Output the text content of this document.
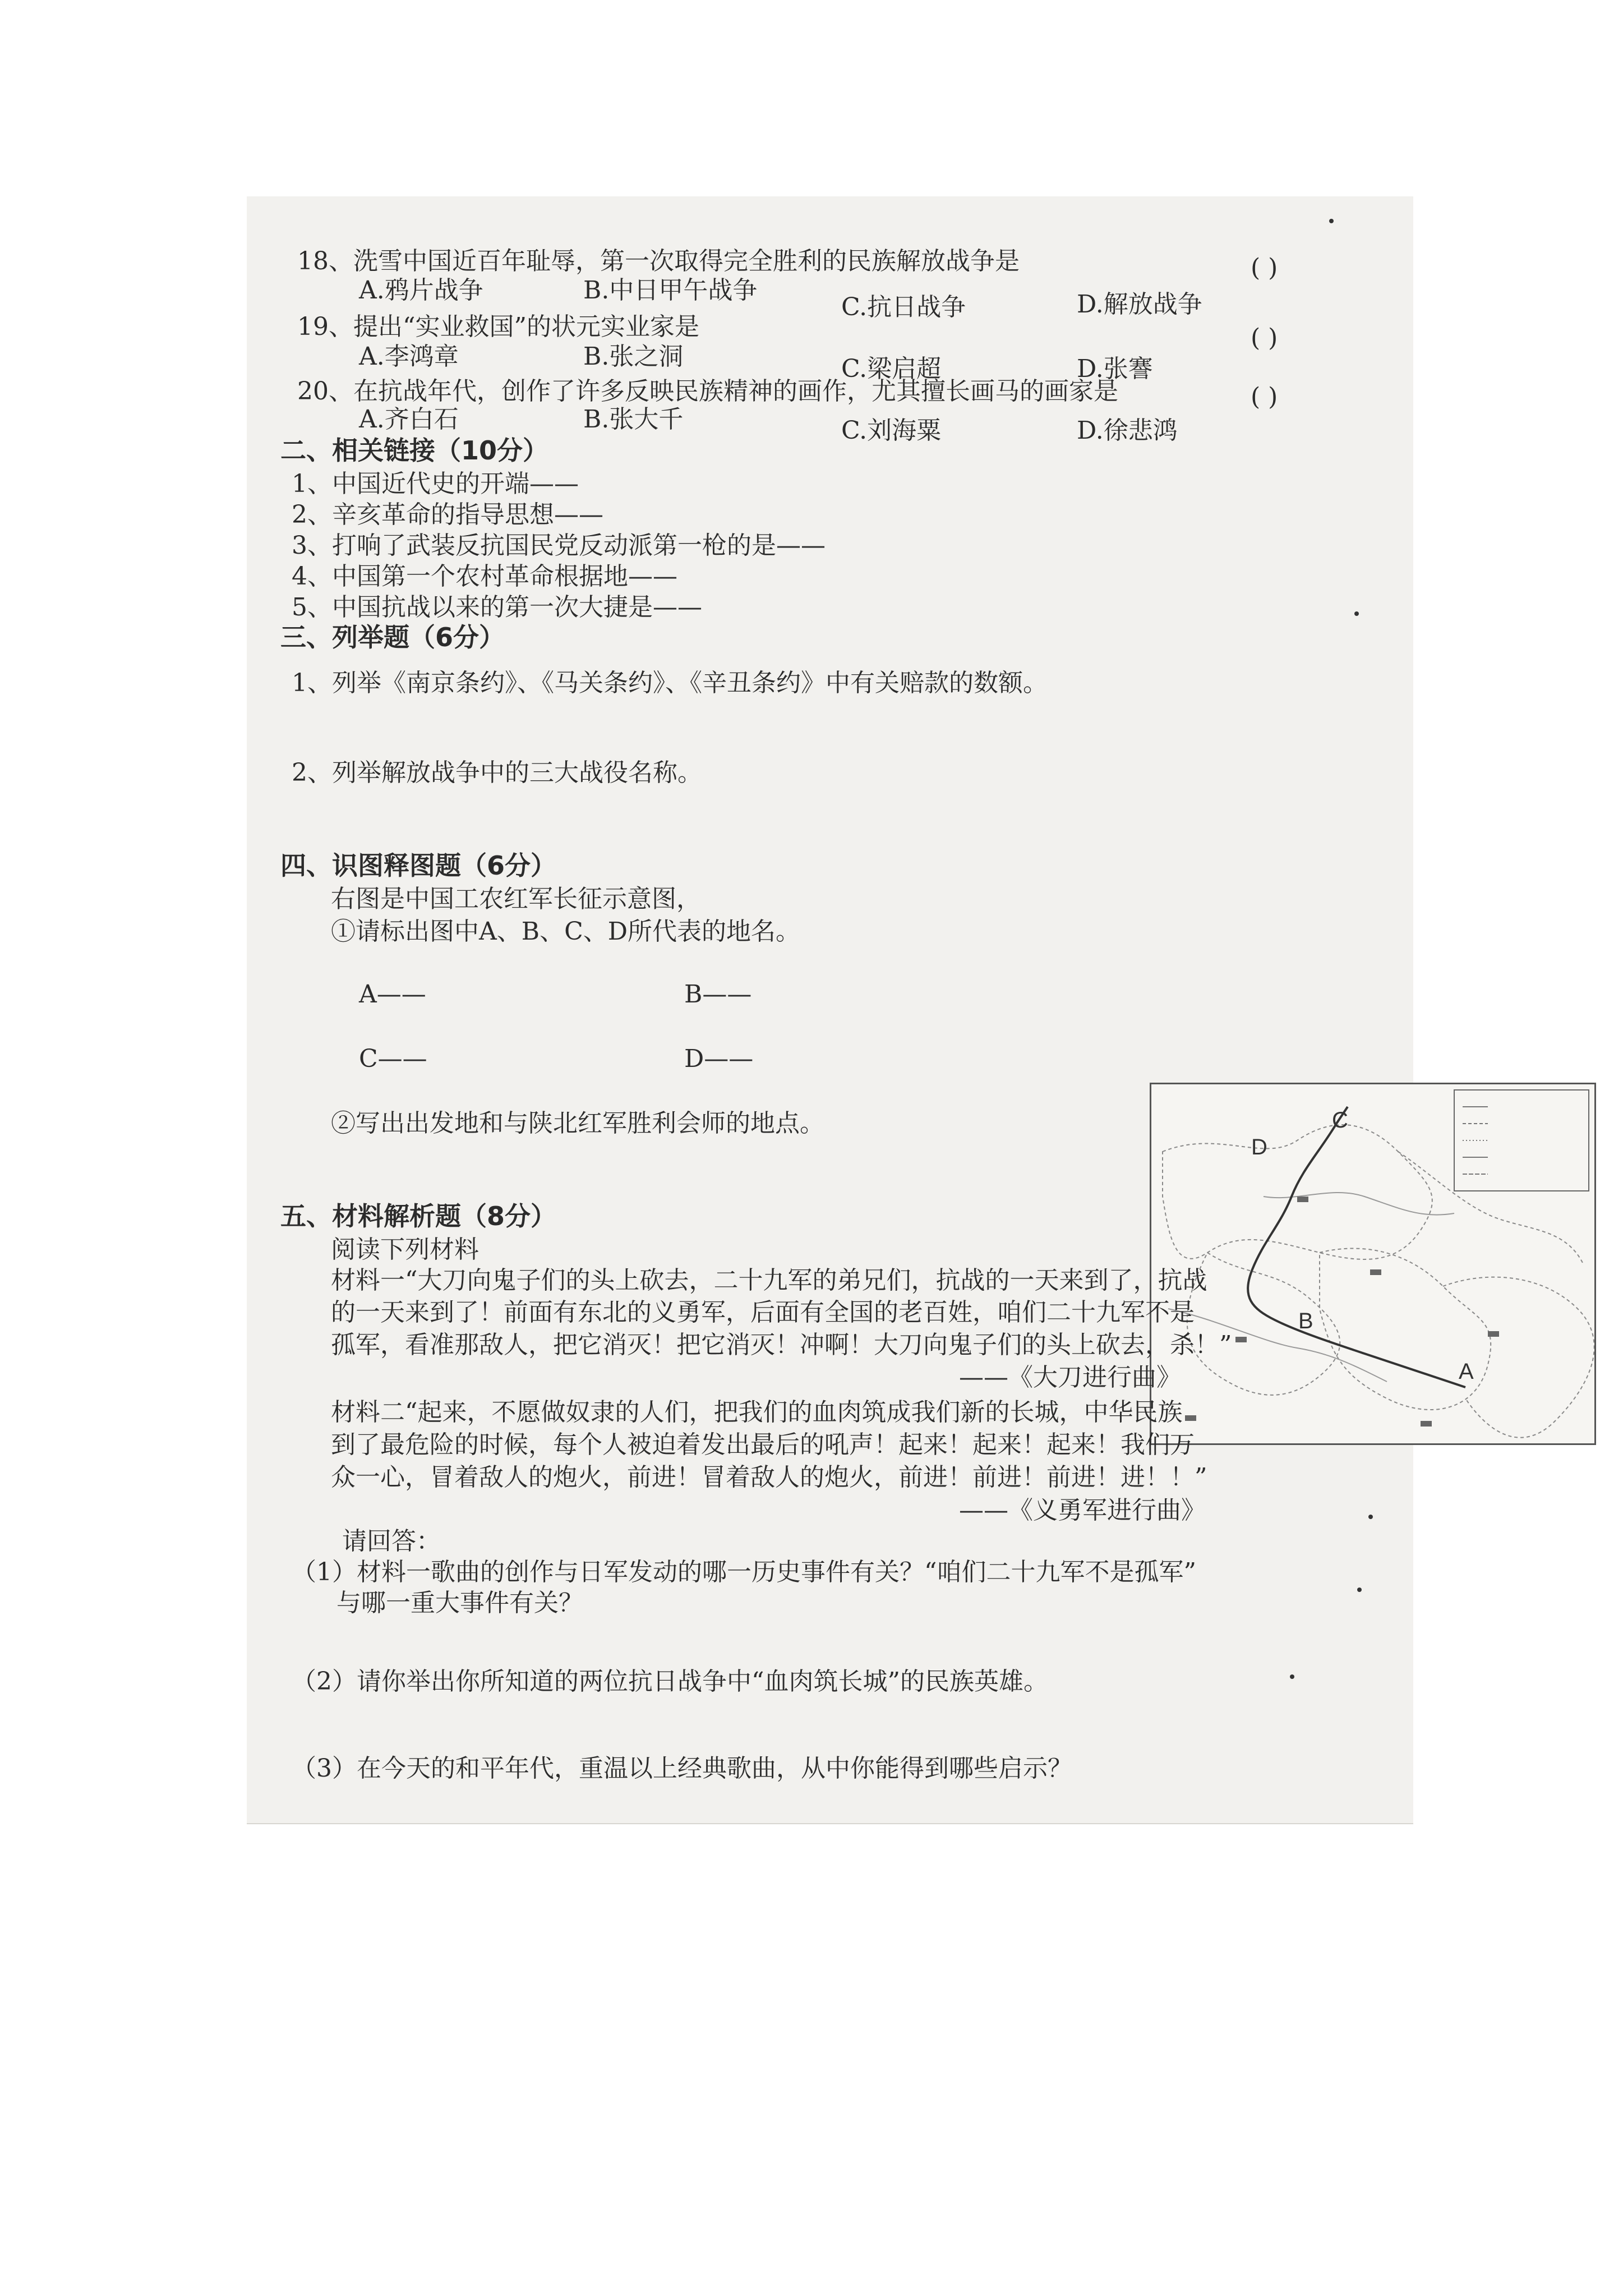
18、洗雪中国近百年耻辱，第一次取得完全胜利的民族解放战争是	( )
A.鸦片战争	B.中日甲午战争
C.抗日战争	D.解放战争
19、提出“实业救国”的状元实业家是	( )
A.李鸿章	B.张之洞	C.梁启超	D.张謇
20、在抗战年代，创作了许多反映民族精神的画作，尤其擅长画马的画家是	( )
A.齐白石	B.张大千	C.刘海粟	D.徐悲鸿
二、相关链接（10分）
1、中国近代史的开端——
2、辛亥革命的指导思想——
3、打响了武装反抗国民党反动派第一枪的是——
4、中国第一个农村革命根据地——
5、中国抗战以来的第一次大捷是——
三、列举题（6分）
1、列举《南京条约》、《马关条约》、《辛丑条约》中有关赔款的数额。
2、列举解放战争中的三大战役名称。
四、识图释图题（6分）
右图是中国工农红军长征示意图，
①请标出图中A、B、C、D所代表的地名。
A——	B——
C——	D——
②写出出发地和与陕北红军胜利会师的地点。
D
C
B
A
五、材料解析题（8分）
阅读下列材料
材料一“大刀向鬼子们的头上砍去，二十九军的弟兄们，抗战的一天来到了，抗战
的一天来到了！前面有东北的义勇军，后面有全国的老百姓，咱们二十九军不是
孤军，看准那敌人，把它消灭！把它消灭！冲啊！大刀向鬼子们的头上砍去，杀！”
——《大刀进行曲》
材料二“起来，不愿做奴隶的人们，把我们的血肉筑成我们新的长城，中华民族
到了最危险的时候，每个人被迫着发出最后的吼声！起来！起来！起来！我们万
众一心，冒着敌人的炮火，前进！冒着敌人的炮火，前进！前进！前进！进！！”
——《义勇军进行曲》
请回答：
（1）材料一歌曲的创作与日军发动的哪一历史事件有关？“咱们二十九军不是孤军”
与哪一重大事件有关？
（2）请你举出你所知道的两位抗日战争中“血肉筑长城”的民族英雄。
（3）在今天的和平年代，重温以上经典歌曲，从中你能得到哪些启示？
